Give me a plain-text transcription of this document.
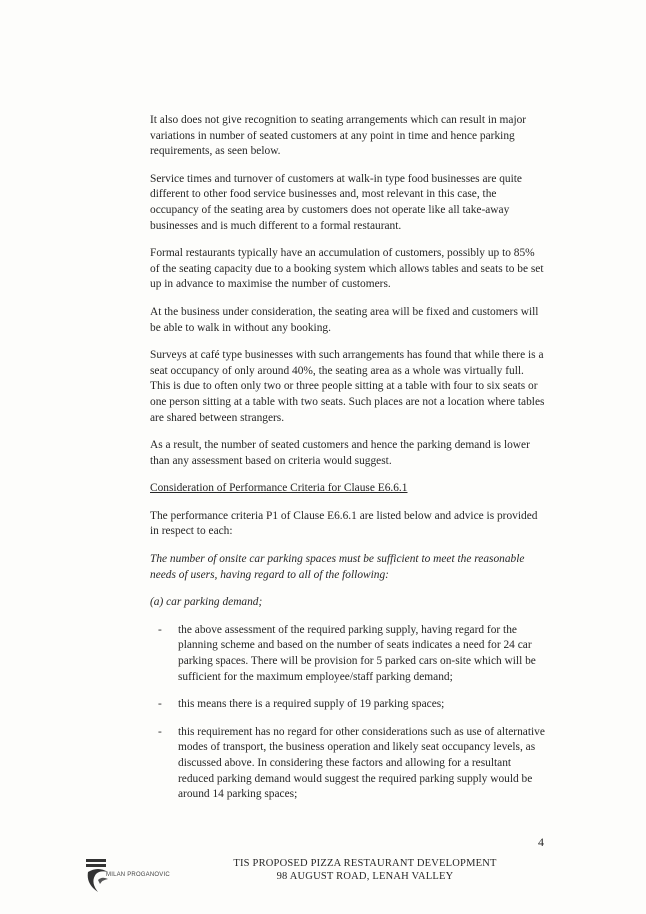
It also does not give recognition to seating arrangements which can result in major variations in number of seated customers at any point in time and hence parking requirements, as seen below.

Service times and turnover of customers at walk-in type food businesses are quite different to other food service businesses and, most relevant in this case, the occupancy of the seating area by customers does not operate like all take-away businesses and is much different to a formal restaurant.

Formal restaurants typically have an accumulation of customers, possibly up to 85% of the seating capacity due to a booking system which allows tables and seats to be set up in advance to maximise the number of customers.

At the business under consideration, the seating area will be fixed and customers will be able to walk in without any booking.

Surveys at café type businesses with such arrangements has found that while there is a seat occupancy of only around 40%, the seating area as a whole was virtually full. This is due to often only two or three people sitting at a table with four to six seats or one person sitting at a table with two seats. Such places are not a location where tables are shared between strangers.

As a result, the number of seated customers and hence the parking demand is lower than any assessment based on criteria would suggest.

Consideration of Performance Criteria for Clause E6.6.1

The performance criteria P1 of Clause E6.6.1 are listed below and advice is provided in respect to each:

The number of onsite car parking spaces must be sufficient to meet the reasonable needs of users, having regard to all of the following:

(a) car parking demand;

- the above assessment of the required parking supply, having regard for the planning scheme and based on the number of seats indicates a need for 24 car parking spaces. There will be provision for 5 parked cars on-site which will be sufficient for the maximum employee/staff parking demand;
- this means there is a required supply of 19 parking spaces;
- this requirement has no regard for other considerations such as use of alternative modes of transport, the business operation and likely seat occupancy levels, as discussed above. In considering these factors and allowing for a resultant reduced parking demand would suggest the required parking supply would be around 14 parking spaces;
4
MILAN PROGANOVIC
TIS PROPOSED PIZZA RESTAURANT DEVELOPMENT
98 AUGUST ROAD, LENAH VALLEY
